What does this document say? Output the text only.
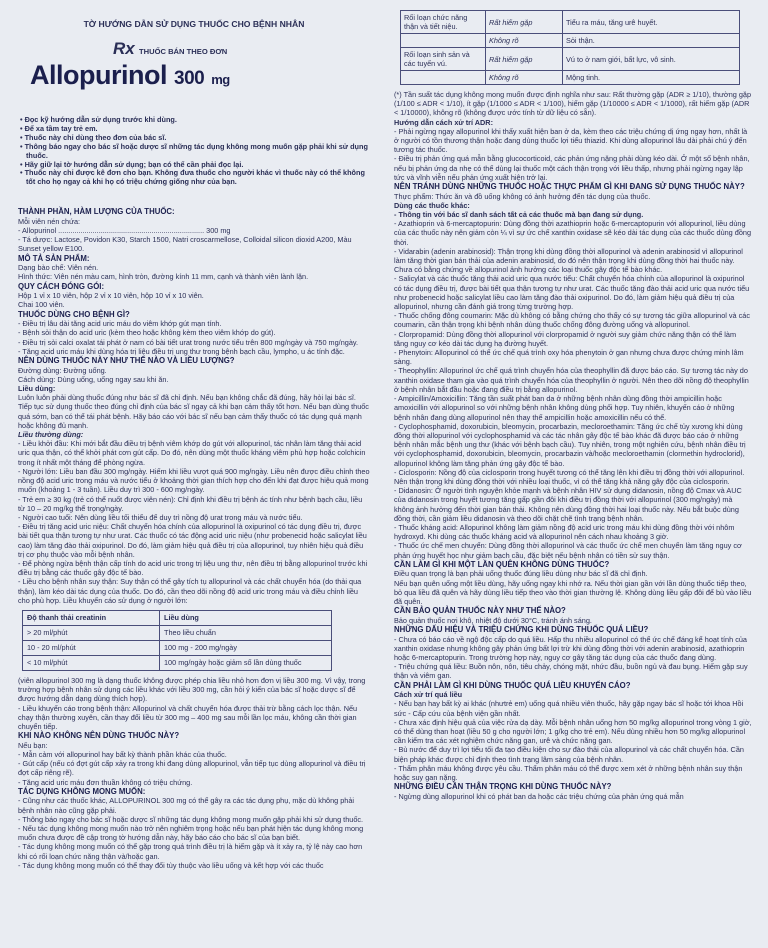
TỜ HƯỚNG DẪN SỬ DỤNG THUỐC CHO BỆNH NHÂN

Rx THUỐC BÁN THEO ĐƠN
Allopurinol 300 mg

• Đọc kỹ hướng dẫn sử dụng trước khi dùng.

• Để xa tầm tay trẻ em.

• Thuốc này chỉ dùng theo đơn của bác sĩ.

• Thông báo ngay cho bác sĩ hoặc dược sĩ những tác dụng không mong muốn gặp phải khi sử dụng thuốc.

• Hãy giữ lại tờ hướng dẫn sử dụng; bạn có thể cần phải đọc lại.

• Thuốc này chỉ được kê đơn cho bạn. Không đưa thuốc cho người khác vì thuốc này có thể không tốt cho họ ngay cả khi họ có triệu chứng giống như của bạn.

THÀNH PHẦN, HÀM LƯỢNG CỦA THUỐC:

Mỗi viên nén chứa:

- Allopurinol ........................................................................ 300 mg

- Tá dược: Lactose, Povidon K30, Starch 1500, Natri croscarmellose, Colloidal silicon dioxid A200, Màu Sunset yellow E100.

MÔ TẢ SẢN PHẨM:

Dạng bào chế: Viên nén.

Hình thức: Viên nén màu cam, hình tròn, đường kính 11 mm, cạnh và thành viên lành lặn.

QUY CÁCH ĐÓNG GÓI:

Hộp 1 vỉ x 10 viên, hộp 2 vỉ x 10 viên, hộp 10 vỉ x 10 viên.

Chai 100 viên.

THUỐC DÙNG CHO BỆNH GÌ?

- Điều trị lâu dài tăng acid uric máu do viêm khớp gút mạn tính.

- Bệnh sỏi thận do acid uric (kèm theo hoặc không kèm theo viêm khớp do gút).

- Điều trị sỏi calci oxalat tái phát ở nam có bài tiết urat trong nước tiểu trên 800 mg/ngày và 750 mg/ngày.

- Tăng acid uric máu khi dùng hóa trị liệu điều trị ung thư trong bệnh bạch cầu, lympho, u ác tính đặc.

NÊN DÙNG THUỐC NÀY NHƯ THẾ NÀO VÀ LIỀU LƯỢNG?

Đường dùng: Đường uống.

Cách dùng: Dùng uống, uống ngay sau khi ăn.

Liều dùng:

Luôn luôn phải dùng thuốc đúng như bác sĩ đã chỉ định. Nếu bạn không chắc đã đúng, hãy hỏi lại bác sĩ. Tiếp tục sử dụng thuốc theo đúng chỉ định của bác sĩ ngay cả khi bạn cảm thấy tốt hơn. Nếu bạn dùng thuốc quá sớm, bạn có thể tái phát bệnh. Hãy báo cáo với bác sĩ nếu bạn cảm thấy thuốc có tác dụng quá mạnh hoặc không đủ mạnh.

Liều thường dùng:

- Liều khởi đầu: Khi mới bắt đầu điều trị bệnh viêm khớp do gút với allopurinol, tác nhân làm tăng thải acid uric qua thận, có thể khởi phát cơn gút cấp. Do đó, nên dùng một thuốc kháng viêm phù hợp hoặc colchicin trong ít nhất một tháng để phòng ngừa.

- Người lớn: Liều ban đầu 300 mg/ngày. Hiếm khi liều vượt quá 900 mg/ngày. Liều nên được điều chỉnh theo nồng độ acid uric trong máu và nước tiểu ở khoảng thời gian thích hợp cho đến khi đạt được hiệu quả mong muốn (khoảng 1 - 3 tuần). Liều duy trì 300 - 600 mg/ngày.

- Trẻ em ≥ 30 kg (trẻ có thể nuốt được viên nén): Chỉ định khi điều trị bệnh ác tính như bệnh bạch cầu, liều từ 10 – 20 mg/kg thể trọng/ngày.

- Người cao tuổi: Nên dùng liều tối thiểu để duy trì nồng độ urat trong máu và nước tiểu.

- Điều trị tăng acid uric niệu: Chất chuyển hóa chính của allopurinol là oxipurinol có tác dụng điều trị, được bài tiết qua thận tương tự như urat. Các thuốc có tác động acid uric niệu (như probenecid hoặc salicylat liều cao) làm tăng đào thải oxipurinol. Do đó, làm giảm hiệu quả điều trị của allopurinol, tuy nhiên hiệu quả điều trị cơ phụ thuộc vào mỗi bệnh nhân.

- Để phòng ngừa bệnh thận cấp tính do acid uric trong trị liệu ung thư, nên điều trị bằng allopurinol trước khi điều trị bằng các thuốc gây độc tế bào.

- Liều cho bệnh nhân suy thận: Suy thận có thể gây tích tụ allopurinol và các chất chuyển hóa (do thải qua thận), làm kéo dài tác dụng của thuốc. Do đó, cần theo dõi nồng độ acid uric trong máu và điều chỉnh liều cho phù hợp. Liều khuyến cáo sử dụng ở người lớn:

Độ thanh thải creatinin	Liều dùng
> 20 ml/phút	Theo liều chuẩn
10 - 20 ml/phút	100 mg - 200 mg/ngày
< 10 ml/phút	100 mg/ngày hoặc giảm số lần dùng thuốc

(viên allopurinol 300 mg là dạng thuốc không được phép chia liều nhỏ hơn đơn vị liều 300 mg. Vì vậy, trong trường hợp bệnh nhân sử dụng các liều khác với liều 300 mg, cần hỏi ý kiến của bác sĩ hoặc dược sĩ để được hướng dẫn dạng dùng thích hợp).

- Liều khuyến cáo trong bệnh thận: Allopurinol và chất chuyển hóa được thải trừ bằng cách lọc thận. Nếu chạy thận thường xuyên, cần thay đổi liều từ 300 mg – 400 mg sau mỗi lần lọc máu, không cần thời gian chuyển tiếp.

KHI NÀO KHÔNG NÊN DÙNG THUỐC NÀY?

Nếu bạn:

- Mẫn cảm với allopurinol hay bất kỳ thành phần khác của thuốc.

- Gút cấp (nếu có đợt gút cấp xảy ra trong khi đang dùng allopurinol, vẫn tiếp tục dùng allopurinol và điều trị đợt cấp riêng rẽ).

- Tăng acid uric máu đơn thuần không có triệu chứng.

TÁC DỤNG KHÔNG MONG MUỐN:

- Cũng như các thuốc khác, ALLOPURINOL 300 mg có thể gây ra các tác dụng phụ, mặc dù không phải bệnh nhân nào cũng gặp phải.

- Thông báo ngay cho bác sĩ hoặc dược sĩ những tác dụng không mong muốn gặp phải khi sử dụng thuốc.

- Nếu tác dụng không mong muốn nào trở nên nghiêm trọng hoặc nếu bạn phát hiện tác dụng không mong muốn chưa được đề cập trong tờ hướng dẫn này, hãy báo cáo cho bác sĩ của bạn biết.

- Tác dụng không mong muốn có thể gặp trong quá trình điều trị là hiếm gặp và ít xảy ra, tỷ lệ này cao hơn khi có rối loạn chức năng thận và/hoặc gan.

- Tác dụng không mong muốn có thể thay đổi tùy thuộc vào liều uống và kết hợp với các thuốc

Rối loạn chức năng thận và tiết niệu.	Rất hiếm gặp	Tiểu ra máu, tăng urê huyết.
	Không rõ	Sỏi thận.
Rối loạn sinh sản và các tuyến vú.	Rất hiếm gặp	Vú to ở nam giới, bất lực, vô sinh.
	Không rõ	Mộng tinh.

(*) Tần suất tác dụng không mong muốn được định nghĩa như sau: Rất thường gặp (ADR ≥ 1/10), thường gặp (1/100 ≤ ADR < 1/10), ít gặp (1/1000 ≤ ADR < 1/100), hiếm gặp (1/10000 ≤ ADR < 1/1000), rất hiếm gặp (ADR < 1/10000), không rõ (không được ước tính từ dữ liệu có sẵn).

Hướng dẫn cách xử trí ADR:

- Phải ngừng ngay allopurinol khi thấy xuất hiện ban ở da, kèm theo các triệu chứng dị ứng ngay hơn, nhất là ở người có tồn thương thận hoặc đang dùng thuốc lợi tiểu thiazid. Khi dùng allopurinol lâu dài phải chú ý đến tương tác thuốc.

- Điều trị phản ứng quá mẫn bằng glucocorticoid, các phản ứng nặng phải dùng kéo dài. Ở một số bệnh nhân, nếu bị phản ứng da nhẹ có thể dùng lại thuốc một cách thận trọng với liều thấp, nhưng phải ngừng ngay lập tức và vĩnh viễn nếu phản ứng xuất hiện trở lại.

NÊN TRÁNH DÙNG NHỮNG THUỐC HOẶC THỰC PHẨM GÌ KHI ĐANG SỬ DỤNG THUỐC NÀY?

Thực phẩm: Thức ăn và đồ uống không có ảnh hưởng đến tác dụng của thuốc.

Dùng các thuốc khác:

- Thông tin với bác sĩ danh sách tất cả các thuốc mà bạn đang sử dụng.

- Azathioprin và 6-mercaptopurin: Dùng đồng thời azathioprin hoặc 6-mercaptopurin với allopurinol, liều dùng của các thuốc này nên giảm còn ¼ vì sự ức chế xanthin oxidase sẽ kéo dài tác dụng của các thuốc dùng đồng thời.

- Vidarabin (adenin arabinosid): Thận trọng khi dùng đồng thời allopurinol và adenin arabinosid vì allopurinol làm tăng thời gian bán thải của adenin arabinosid, do đó nên thận trọng khi dùng đồng thời hai thuốc này. Chưa có bằng chứng về allopurinol ảnh hưởng các loại thuốc gây độc tế bào khác.

- Salicylat và các thuốc tăng thải acid uric qua nước tiểu: Chất chuyển hóa chính của allopurinol là oxipurinol có tác dụng điều trị, được bài tiết qua thận tương tự như urat. Các thuốc tăng đào thải acid uric qua nước tiểu như probenecid hoặc salicylat liều cao làm tăng đào thải oxipurinol. Do đó, làm giảm hiệu quả điều trị của allopurinol, nhưng cần đánh giá trong từng trường hợp.

- Thuốc chống đông coumarin: Mặc dù không có bằng chứng cho thấy có sự tương tác giữa allopurinol và các coumarin, cần thận trọng khi bệnh nhân dùng thuốc chống đông đường uống và allopurinol.

- Clorpropamid: Dùng đồng thời allopurinol với clorpropamid ở người suy giảm chức năng thận có thể làm tăng nguy cơ kéo dài tác dụng hạ đường huyết.

- Phenytoin: Allopurinol có thể ức chế quá trình oxy hóa phenytoin ở gan nhưng chưa được chứng minh lâm sàng.

- Theophyllin: Allopurinol ức chế quá trình chuyển hóa của theophyllin đã được báo cáo. Sự tương tác này do xanthin oxidase tham gia vào quá trình chuyển hóa của theophyllin ở người. Nên theo dõi nồng độ theophyllin ở bệnh nhân bắt đầu hoặc đang điều trị bằng allopurinol.

- Ampicillin/Amoxicillin: Tăng tần suất phát ban da ở những bệnh nhân dùng đồng thời ampicillin hoặc amoxicillin với allopurinol so với những bệnh nhân không dùng phối hợp. Tuy nhiên, khuyến cáo ở những bệnh nhân đang dùng allopurinol nên thay thế ampicillin hoặc amoxicillin nếu có thể.

- Cyclophosphamid, doxorubicin, bleomycin, procarbazin, mecloroethamin: Tăng ức chế tủy xương khi dùng đồng thời allopurinol với cyclophosphamid và các tác nhân gây độc tế bào khác đã được báo cáo ở những bệnh nhân mắc bệnh ung thư (khác với bệnh bạch cầu). Tuy nhiên, trong một nghiên cứu, bệnh nhân điều trị với cyclophosphamid, doxorubicin, bleomycin, procarbazin và/hoặc mecloroethamin (clormethin hydroclorid), allopurinol không làm tăng phản ứng gây độc tế bào.

- Ciclosporin: Nồng độ của ciclosporin trong huyết tương có thể tăng lên khi điều trị đồng thời với allopurinol. Nên thận trọng khi dùng đồng thời với nhiều loại thuốc, vì có thể tăng khả năng gây độc của ciclosporin.

- Didanosin: Ở người tình nguyện khỏe mạnh và bệnh nhân HIV sử dụng didanosin, nồng độ Cmax và AUC của didanosin trong huyết tương tăng gấp gần đôi khi điều trị đồng thời với allopurinol (300 mg/ngày) mà không ảnh hưởng đến thời gian bán thải. Không nên dùng đồng thời hai loại thuốc này. Nếu bắt buộc dùng đồng thời, cần giảm liều didanosin và theo dõi chặt chẽ tình trạng bệnh nhân.

- Thuốc kháng acid: Allopurinol không làm giảm nồng độ acid uric trong máu khi dùng đồng thời với nhôm hydroxyd. Khi dùng các thuốc kháng acid và allopurinol nên cách nhau khoảng 3 giờ.

- Thuốc ức chế men chuyển: Dùng đồng thời allopurinol và các thuốc ức chế men chuyển làm tăng nguy cơ phản ứng huyết học như giảm bạch cầu, đặc biệt nếu bệnh nhân có tiền sử suy thận.

CẦN LÀM GÌ KHI MỘT LẦN QUÊN KHÔNG DÙNG THUỐC?

Điều quan trọng là bạn phải uống thuốc đúng liều dùng như bác sĩ đã chỉ định.

Nếu bạn quên uống một liều dùng, hãy uống ngay khi nhớ ra. Nếu thời gian gần với lần dùng thuốc tiếp theo, bỏ qua liều đã quên và hãy dùng liều tiếp theo vào thời gian thường lệ. Không dùng liều gấp đôi để bù vào liều đã quên.

CẦN BẢO QUẢN THUỐC NÀY NHƯ THẾ NÀO?

Bảo quản thuốc nơi khô, nhiệt độ dưới 30°C, tránh ánh sáng.

NHỮNG DẤU HIỆU VÀ TRIỆU CHỨNG KHI DÙNG THUỐC QUÁ LIỀU?

- Chưa có báo cáo về ngộ độc cấp do quá liều. Hấp thu nhiều allopurinol có thể ức chế đáng kể hoạt tính của xanthin oxidase nhưng không gây phản ứng bất lợi trừ khi dùng đồng thời với adenin arabinosid, azathioprin hoặc 6-mercaptopurin. Trong trường hợp này, nguy cơ gây tăng tác dụng của các thuốc đang dùng.

- Triệu chứng quá liều: Buồn nôn, nôn, tiêu chảy, chóng mặt, nhức đầu, buồn ngủ và đau bụng. Hiếm gặp suy thận và viêm gan.

CẦN PHẢI LÀM GÌ KHI DÙNG THUỐC QUÁ LIỀU KHUYẾN CÁO?

Cách xử trí quá liều

- Nếu bạn hay bất kỳ ai khác (nhưtrẻ em) uống quá nhiều viên thuốc, hãy gặp ngay bác sĩ hoặc tới khoa Hồi sức - Cấp cứu của bệnh viện gần nhất.

- Chưa xác định hiệu quả của việc rửa dạ dày. Mỗi bệnh nhân uống hơn 50 mg/kg allopurinol trong vòng 1 giờ, có thể dùng than hoạt (liều 50 g cho người lớn; 1 g/kg cho trẻ em). Nếu dùng nhiều hơn 50 mg/kg allopurinol cần kiểm tra các xét nghiệm chức năng gan, urê và chức năng gan.

- Bù nước để duy trì lợi tiểu tối đa tạo điều kiện cho sự đào thải của allopurinol và các chất chuyển hóa. Cần biện pháp khác được chỉ định theo tình trạng lâm sàng của bệnh nhân.

- Thẩm phân máu không được yêu cầu. Thẩm phân máu có thể được xem xét ở những bệnh nhân suy thận hoặc suy gan nặng.

NHỮNG ĐIỀU CẦN THẬN TRỌNG KHI DÙNG THUỐC NÀY?

- Ngừng dùng allopurinol khi có phát ban da hoặc các triệu chứng của phản ứng quá mẫn
